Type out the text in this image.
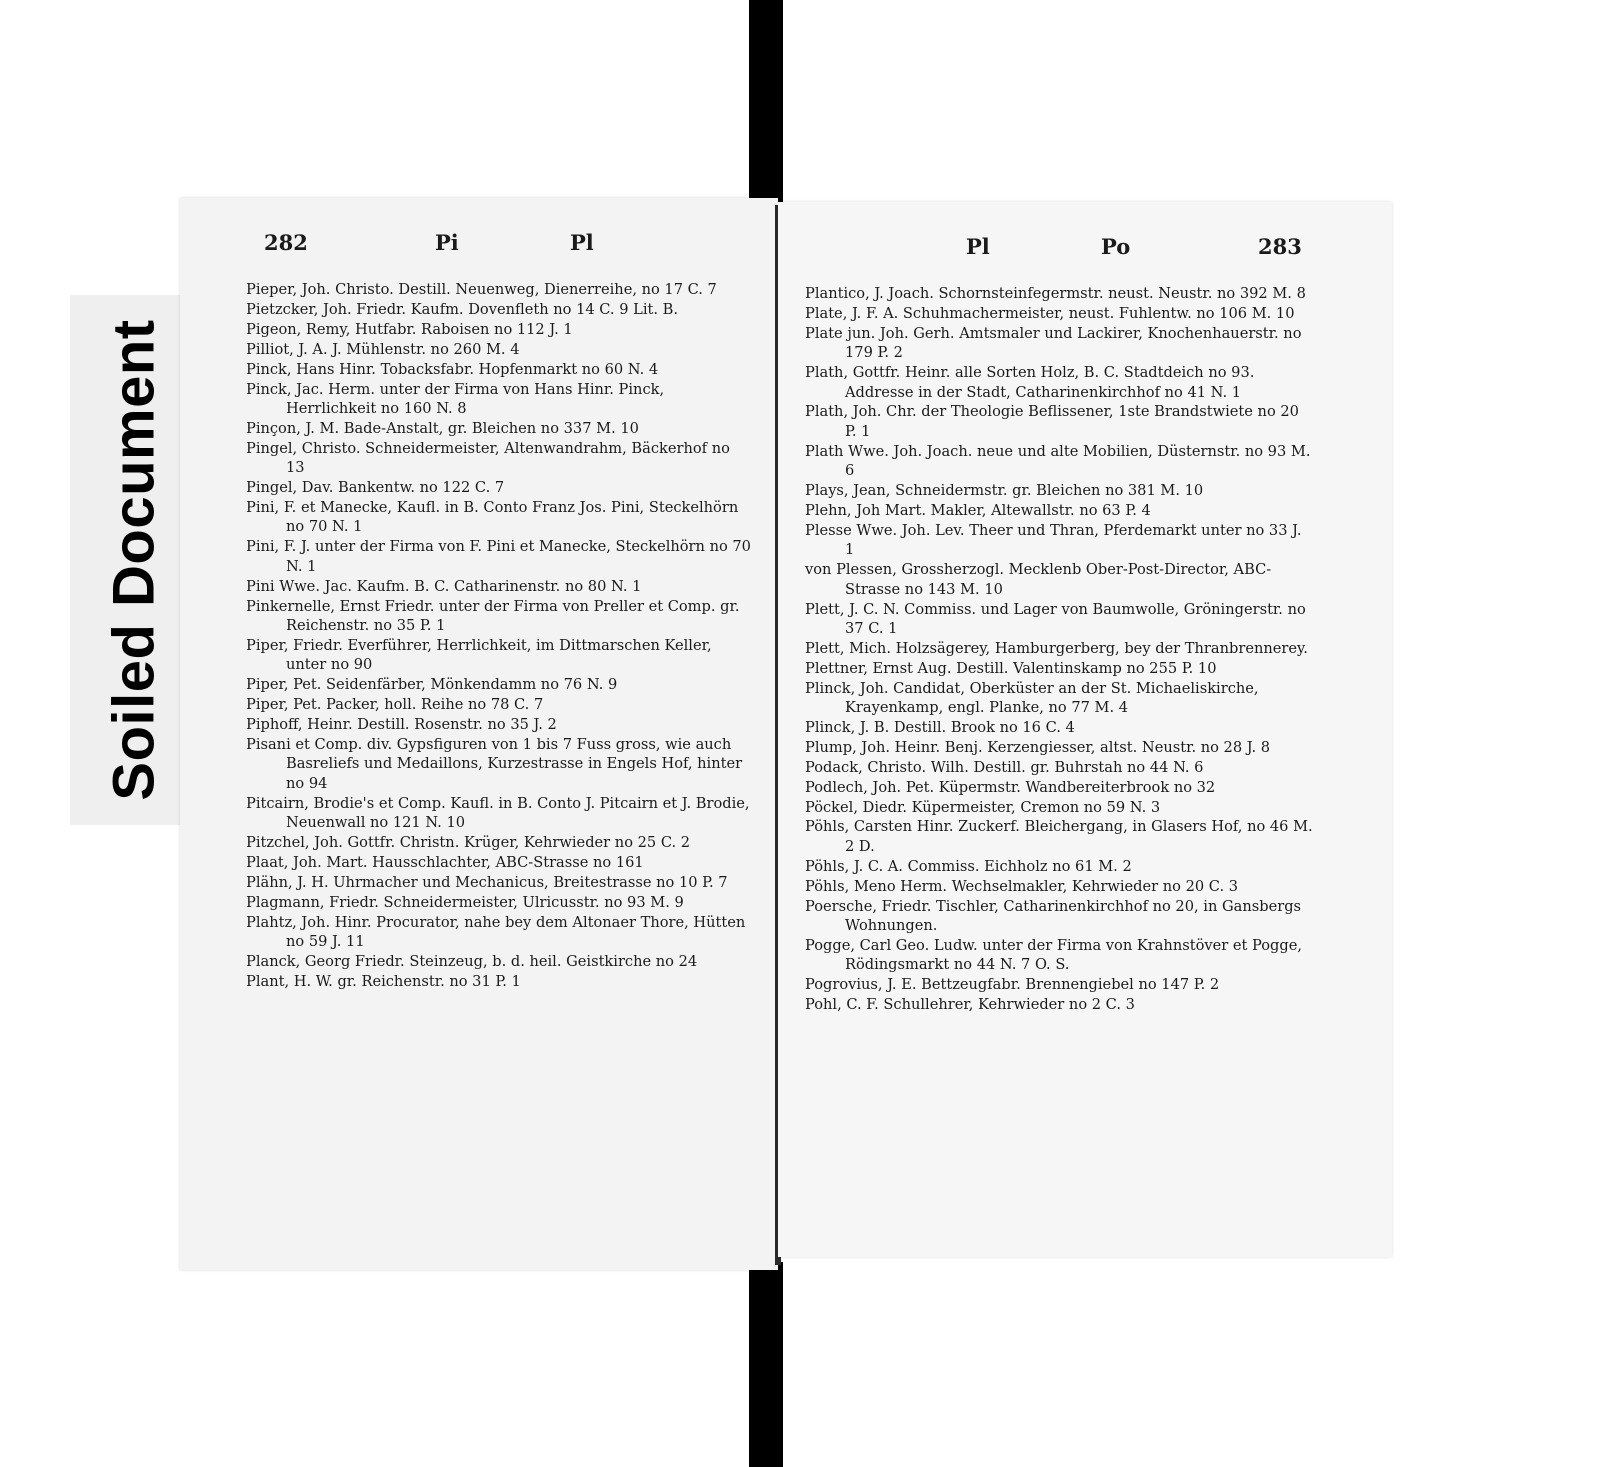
Soiled Document
282	Pi	Pl
Pieper, Joh. Christo. Destill. Neuenweg, Dienerreihe, no 17 C. 7
Pietzcker, Joh. Friedr. Kaufm. Dovenfleth no 14 C. 9 Lit. B.
Pigeon, Remy, Hutfabr. Raboisen no 112 J. 1
Pilliot, J. A. J. Mühlenstr. no 260 M. 4
Pinck, Hans Hinr. Tobacksfabr. Hopfenmarkt no 60 N. 4
Pinck, Jac. Herm. unter der Firma von Hans Hinr. Pinck, Herrlichkeit no 160 N. 8
Pinçon, J. M. Bade-Anstalt, gr. Bleichen no 337 M. 10
Pingel, Christo. Schneidermeister, Altenwandrahm, Bäckerhof no 13
Pingel, Dav. Bankentw. no 122 C. 7
Pini, F. et Manecke, Kaufl. in B. Conto Franz Jos. Pini, Steckelhörn no 70 N. 1
Pini, F. J. unter der Firma von F. Pini et Manecke, Steckelhörn no 70 N. 1
Pini Wwe. Jac. Kaufm. B. C. Catharinenstr. no 80 N. 1
Pinkernelle, Ernst Friedr. unter der Firma von Preller et Comp. gr. Reichenstr. no 35 P. 1
Piper, Friedr. Everführer, Herrlichkeit, im Dittmarschen Keller, unter no 90
Piper, Pet. Seidenfärber, Mönkendamm no 76 N. 9
Piper, Pet. Packer, holl. Reihe no 78 C. 7
Piphoff, Heinr. Destill. Rosenstr. no 35 J. 2
Pisani et Comp. div. Gypsfiguren von 1 bis 7 Fuss gross, wie auch Basreliefs und Medaillons, Kurzestrasse in Engels Hof, hinter no 94
Pitcairn, Brodie's et Comp. Kaufl. in B. Conto J. Pitcairn et J. Brodie, Neuenwall no 121 N. 10
Pitzchel, Joh. Gottfr. Christn. Krüger, Kehrwieder no 25 C. 2
Plaat, Joh. Mart. Hausschlachter, ABC-Strasse no 161
Plähn, J. H. Uhrmacher und Mechanicus, Breitestrasse no 10 P. 7
Plagmann, Friedr. Schneidermeister, Ulricusstr. no 93 M. 9
Plahtz, Joh. Hinr. Procurator, nahe bey dem Altonaer Thore, Hütten no 59 J. 11
Planck, Georg Friedr. Steinzeug, b. d. heil. Geistkirche no 24
Plant, H. W. gr. Reichenstr. no 31 P. 1
Pl	Po	283
Plantico, J. Joach. Schornsteinfegermstr. neust. Neustr. no 392 M. 8
Plate, J. F. A. Schuhmachermeister, neust. Fuhlentw. no 106 M. 10
Plate jun. Joh. Gerh. Amtsmaler und Lackirer, Knochenhauerstr. no 179 P. 2
Plath, Gottfr. Heinr. alle Sorten Holz, B. C. Stadtdeich no 93. Addresse in der Stadt, Catharinenkirchhof no 41 N. 1
Plath, Joh. Chr. der Theologie Beflissener, 1ste Brandstwiete no 20 P. 1
Plath Wwe. Joh. Joach. neue und alte Mobilien, Düsternstr. no 93 M. 6
Plays, Jean, Schneidermstr. gr. Bleichen no 381 M. 10
Plehn, Joh Mart. Makler, Altewallstr. no 63 P. 4
Plesse Wwe. Joh. Lev. Theer und Thran, Pferdemarkt unter no 33 J. 1
von Plessen, Grossherzogl. Mecklenb Ober-Post-Director, ABC-Strasse no 143 M. 10
Plett, J. C. N. Commiss. und Lager von Baumwolle, Gröningerstr. no 37 C. 1
Plett, Mich. Holzsägerey, Hamburgerberg, bey der Thranbrennerey.
Plettner, Ernst Aug. Destill. Valentinskamp no 255 P. 10
Plinck, Joh. Candidat, Oberküster an der St. Michaeliskirche, Krayenkamp, engl. Planke, no 77 M. 4
Plinck, J. B. Destill. Brook no 16 C. 4
Plump, Joh. Heinr. Benj. Kerzengiesser, altst. Neustr. no 28 J. 8
Podack, Christo. Wilh. Destill. gr. Buhrstah no 44 N. 6
Podlech, Joh. Pet. Küpermstr. Wandbereiterbrook no 32
Pöckel, Diedr. Küpermeister, Cremon no 59 N. 3
Pöhls, Carsten Hinr. Zuckerf. Bleichergang, in Glasers Hof, no 46 M. 2 D.
Pöhls, J. C. A. Commiss. Eichholz no 61 M. 2
Pöhls, Meno Herm. Wechselmakler, Kehrwieder no 20 C. 3
Poersche, Friedr. Tischler, Catharinenkirchhof no 20, in Gansbergs Wohnungen.
Pogge, Carl Geo. Ludw. unter der Firma von Krahnstöver et Pogge, Rödingsmarkt no 44 N. 7 O. S.
Pogrovius, J. E. Bettzeugfabr. Brennengiebel no 147 P. 2
Pohl, C. F. Schullehrer, Kehrwieder no 2 C. 3
